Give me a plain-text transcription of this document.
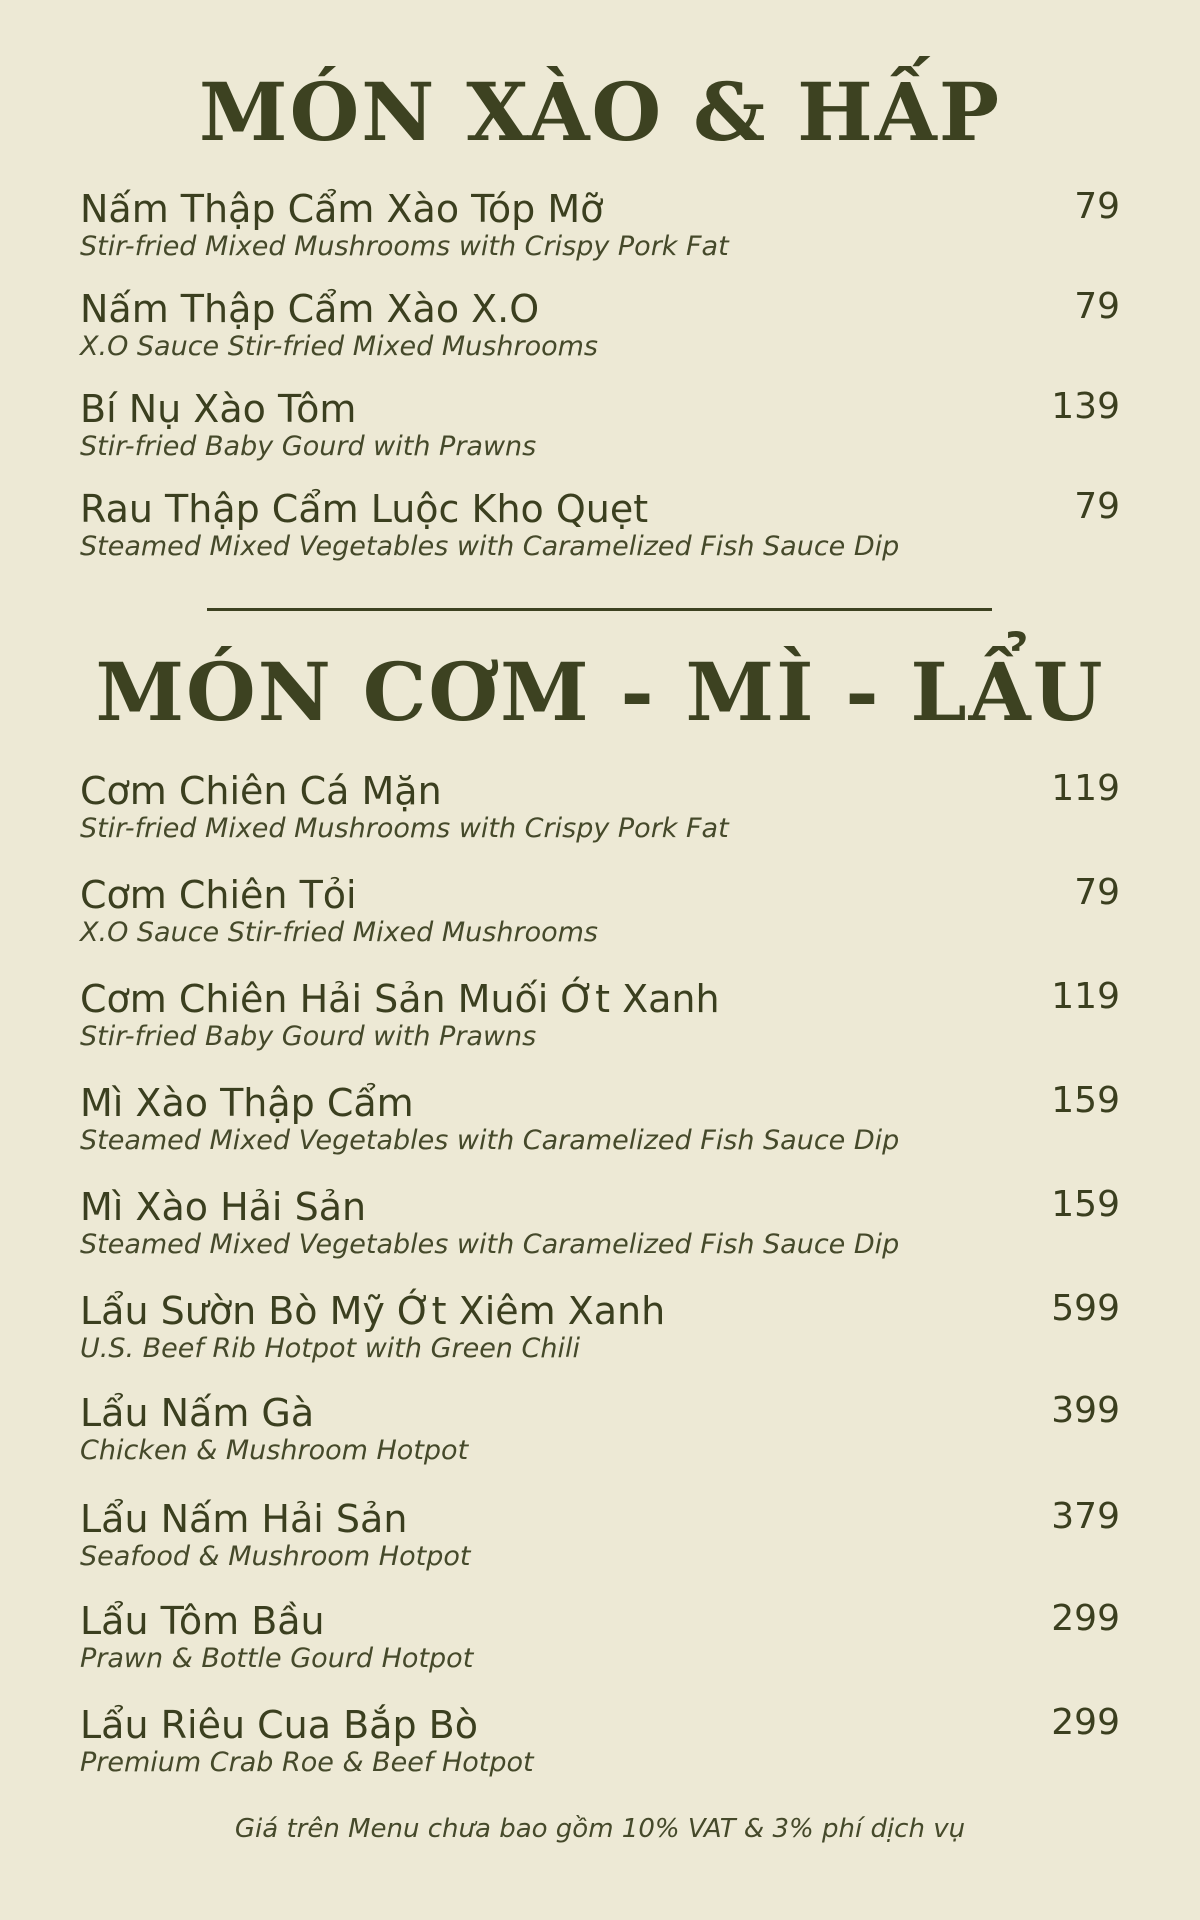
MÓN XÀO & HẤP
Nấm Thập Cẩm Xào Tóp Mỡ
Stir-fried Mixed Mushrooms with Crispy Pork Fat
79
Nấm Thập Cẩm Xào X.O
X.O Sauce Stir-fried Mixed Mushrooms
79
Bí Nụ Xào Tôm
Stir-fried Baby Gourd with Prawns
139
Rau Thập Cẩm Luộc Kho Quẹt
Steamed Mixed Vegetables with Caramelized Fish Sauce Dip
79
MÓN CƠM - MÌ - LẨU
Cơm Chiên Cá Mặn
Stir-fried Mixed Mushrooms with Crispy Pork Fat
119
Cơm Chiên Tỏi
X.O Sauce Stir-fried Mixed Mushrooms
79
Cơm Chiên Hải Sản Muối Ớt Xanh
Stir-fried Baby Gourd with Prawns
119
Mì Xào Thập Cẩm
Steamed Mixed Vegetables with Caramelized Fish Sauce Dip
159
Mì Xào Hải Sản
Steamed Mixed Vegetables with Caramelized Fish Sauce Dip
159
Lẩu Sườn Bò Mỹ Ớt Xiêm Xanh
U.S. Beef Rib Hotpot with Green Chili
599
Lẩu Nấm Gà
Chicken & Mushroom Hotpot
399
Lẩu Nấm Hải Sản
Seafood & Mushroom Hotpot
379
Lẩu Tôm Bầu
Prawn & Bottle Gourd Hotpot
299
Lẩu Riêu Cua Bắp Bò
Premium Crab Roe & Beef Hotpot
299
Giá trên Menu chưa bao gồm 10% VAT & 3% phí dịch vụ
